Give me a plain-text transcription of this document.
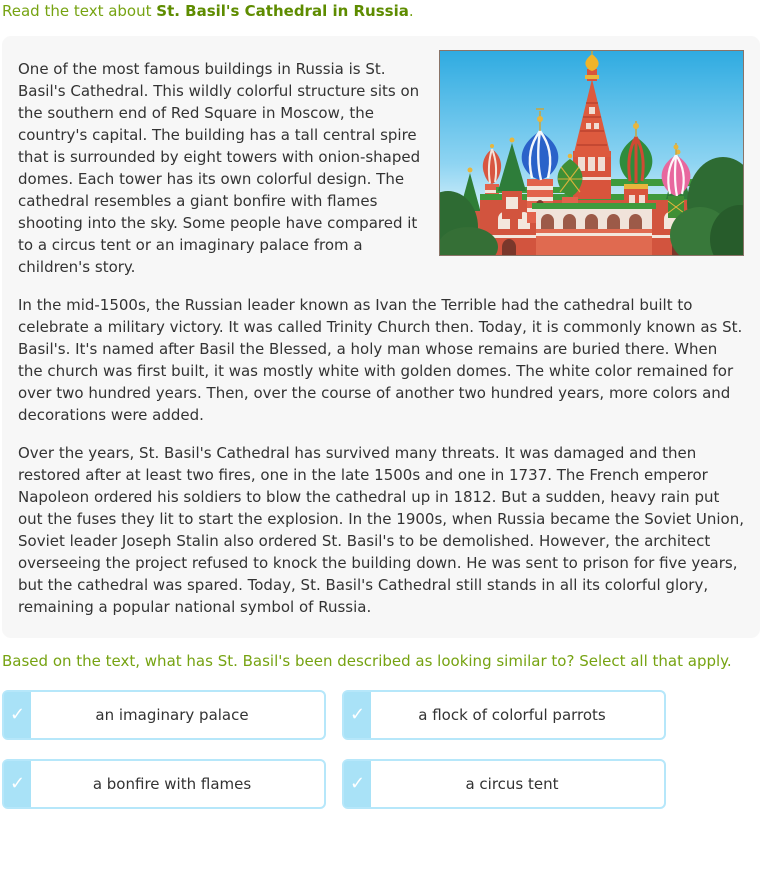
Read the text about St. Basil's Cathedral in Russia.

One of the most famous buildings in Russia is St. Basil's Cathedral. This wildly colorful structure sits on the southern end of Red Square in Moscow, the country's capital. The building has a tall central spire that is surrounded by eight towers with onion-shaped domes. Each tower has its own colorful design. The cathedral resembles a giant bonfire with flames shooting into the sky. Some people have compared it to a circus tent or an imaginary palace from a children's story.

In the mid-1500s, the Russian leader known as Ivan the Terrible had the cathedral built to celebrate a military victory. It was called Trinity Church then. Today, it is commonly known as St. Basil's. It's named after Basil the Blessed, a holy man whose remains are buried there. When the church was first built, it was mostly white with golden domes. The white color remained for over two hundred years. Then, over the course of another two hundred years, more colors and decorations were added.

Over the years, St. Basil's Cathedral has survived many threats. It was damaged and then restored after at least two fires, one in the late 1500s and one in 1737. The French emperor Napoleon ordered his soldiers to blow the cathedral up in 1812. But a sudden, heavy rain put out the fuses they lit to start the explosion. In the 1900s, when Russia became the Soviet Union, Soviet leader Joseph Stalin also ordered St. Basil's to be demolished. However, the architect overseeing the project refused to knock the building down. He was sent to prison for five years, but the cathedral was spared. Today, St. Basil's Cathedral still stands in all its colorful glory, remaining a popular national symbol of Russia.

Based on the text, what has St. Basil's been described as looking similar to? Select all that apply.

✓	an imaginary palace	✓	a flock of colorful parrots
✓	a bonfire with flames	✓	a circus tent
